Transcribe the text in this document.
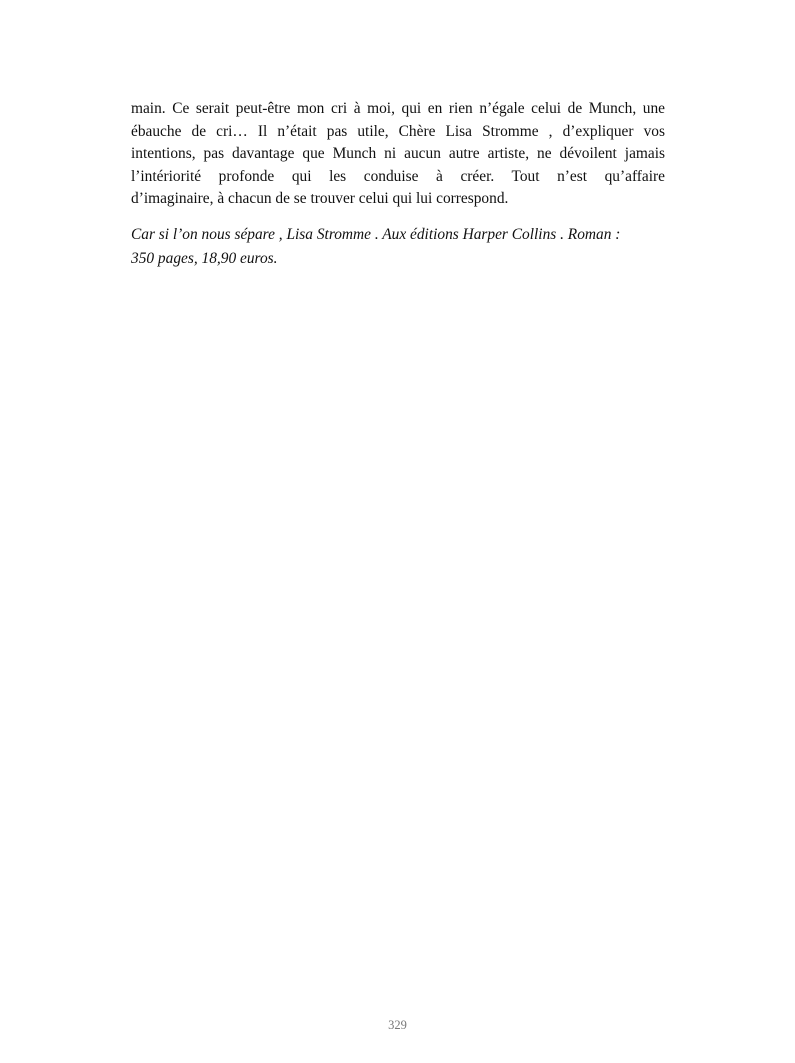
main. Ce serait peut-être mon cri à moi, qui en rien n’égale celui de Munch, une
ébauche de cri… Il n’était pas utile, Chère Lisa Stromme , d’expliquer vos
intentions, pas davantage que Munch ni aucun autre artiste, ne dévoilent jamais
l’intériorité profonde qui les conduise à créer. Tout n’est qu’affaire
d’imaginaire, à chacun de se trouver celui qui lui correspond.
Car si l’on nous sépare , Lisa Stromme . Aux éditions Harper Collins . Roman :
350 pages, 18,90 euros.
329
